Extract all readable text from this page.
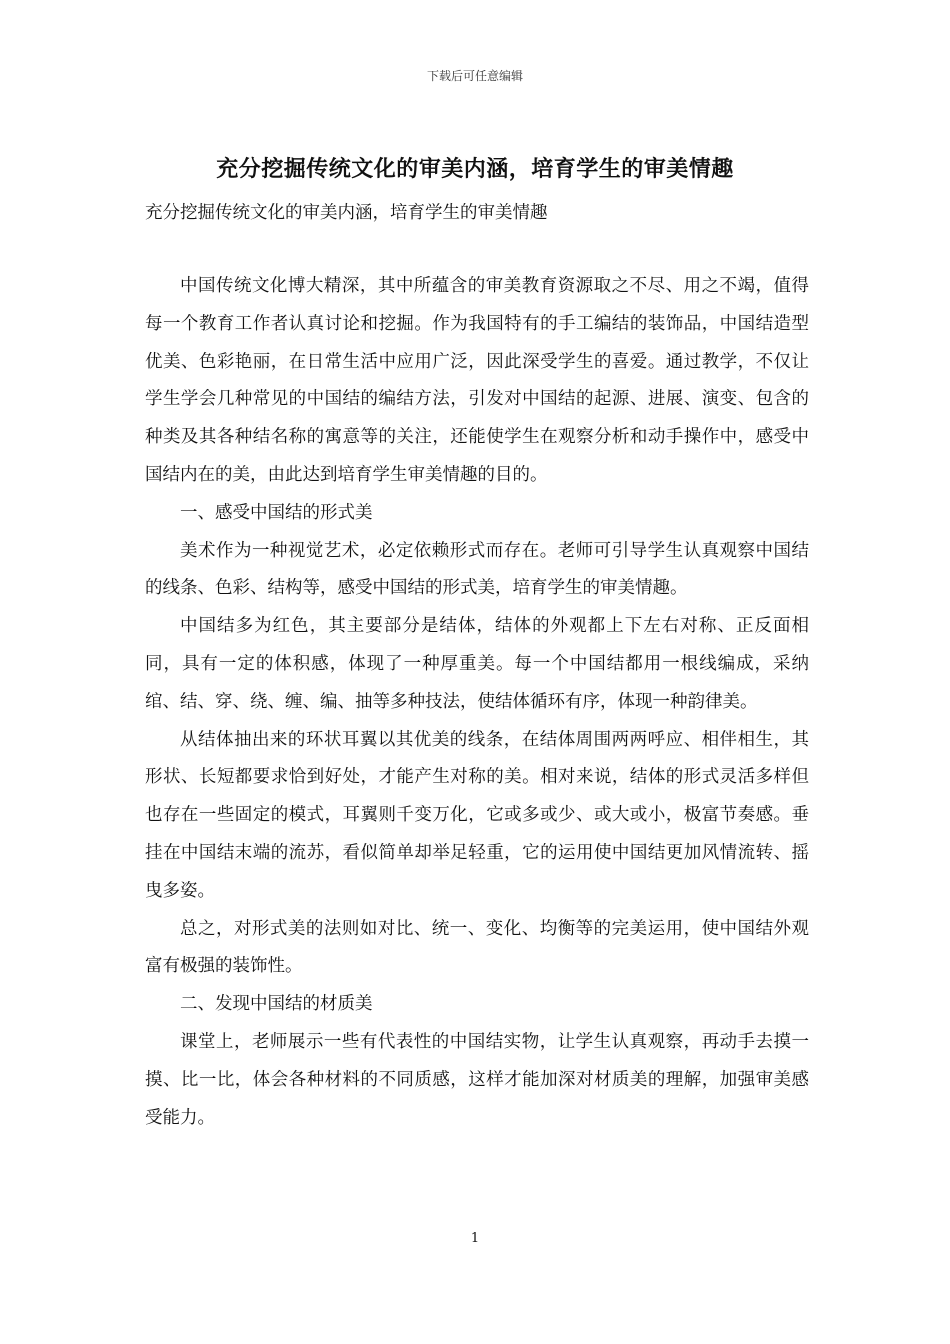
下载后可任意编辑
充分挖掘传统文化的审美内涵，培育学生的审美情趣

充分挖掘传统文化的审美内涵，培育学生的审美情趣

中国传统文化博大精深，其中所蕴含的审美教育资源取之不尽、用之不竭，值得每一个教育工作者认真讨论和挖掘。作为我国特有的手工编结的装饰品，中国结造型优美、色彩艳丽，在日常生活中应用广泛，因此深受学生的喜爱。通过教学，不仅让学生学会几种常见的中国结的编结方法，引发对中国结的起源、进展、演变、包含的种类及其各种结名称的寓意等的关注，还能使学生在观察分析和动手操作中，感受中国结内在的美，由此达到培育学生审美情趣的目的。

一、感受中国结的形式美

美术作为一种视觉艺术，必定依赖形式而存在。老师可引导学生认真观察中国结的线条、色彩、结构等，感受中国结的形式美，培育学生的审美情趣。

中国结多为红色，其主要部分是结体，结体的外观都上下左右对称、正反面相同，具有一定的体积感，体现了一种厚重美。每一个中国结都用一根线编成，采纳绾、结、穿、绕、缠、编、抽等多种技法，使结体循环有序，体现一种韵律美。

从结体抽出来的环状耳翼以其优美的线条，在结体周围两两呼应、相伴相生，其形状、长短都要求恰到好处，才能产生对称的美。相对来说，结体的形式灵活多样但也存在一些固定的模式，耳翼则千变万化，它或多或少、或大或小，极富节奏感。垂挂在中国结末端的流苏，看似简单却举足轻重，它的运用使中国结更加风情流转、摇曳多姿。

总之，对形式美的法则如对比、统一、变化、均衡等的完美运用，使中国结外观富有极强的装饰性。

二、发现中国结的材质美

课堂上，老师展示一些有代表性的中国结实物，让学生认真观察，再动手去摸一摸、比一比，体会各种材料的不同质感，这样才能加深对材质美的理解，加强审美感受能力。

1
